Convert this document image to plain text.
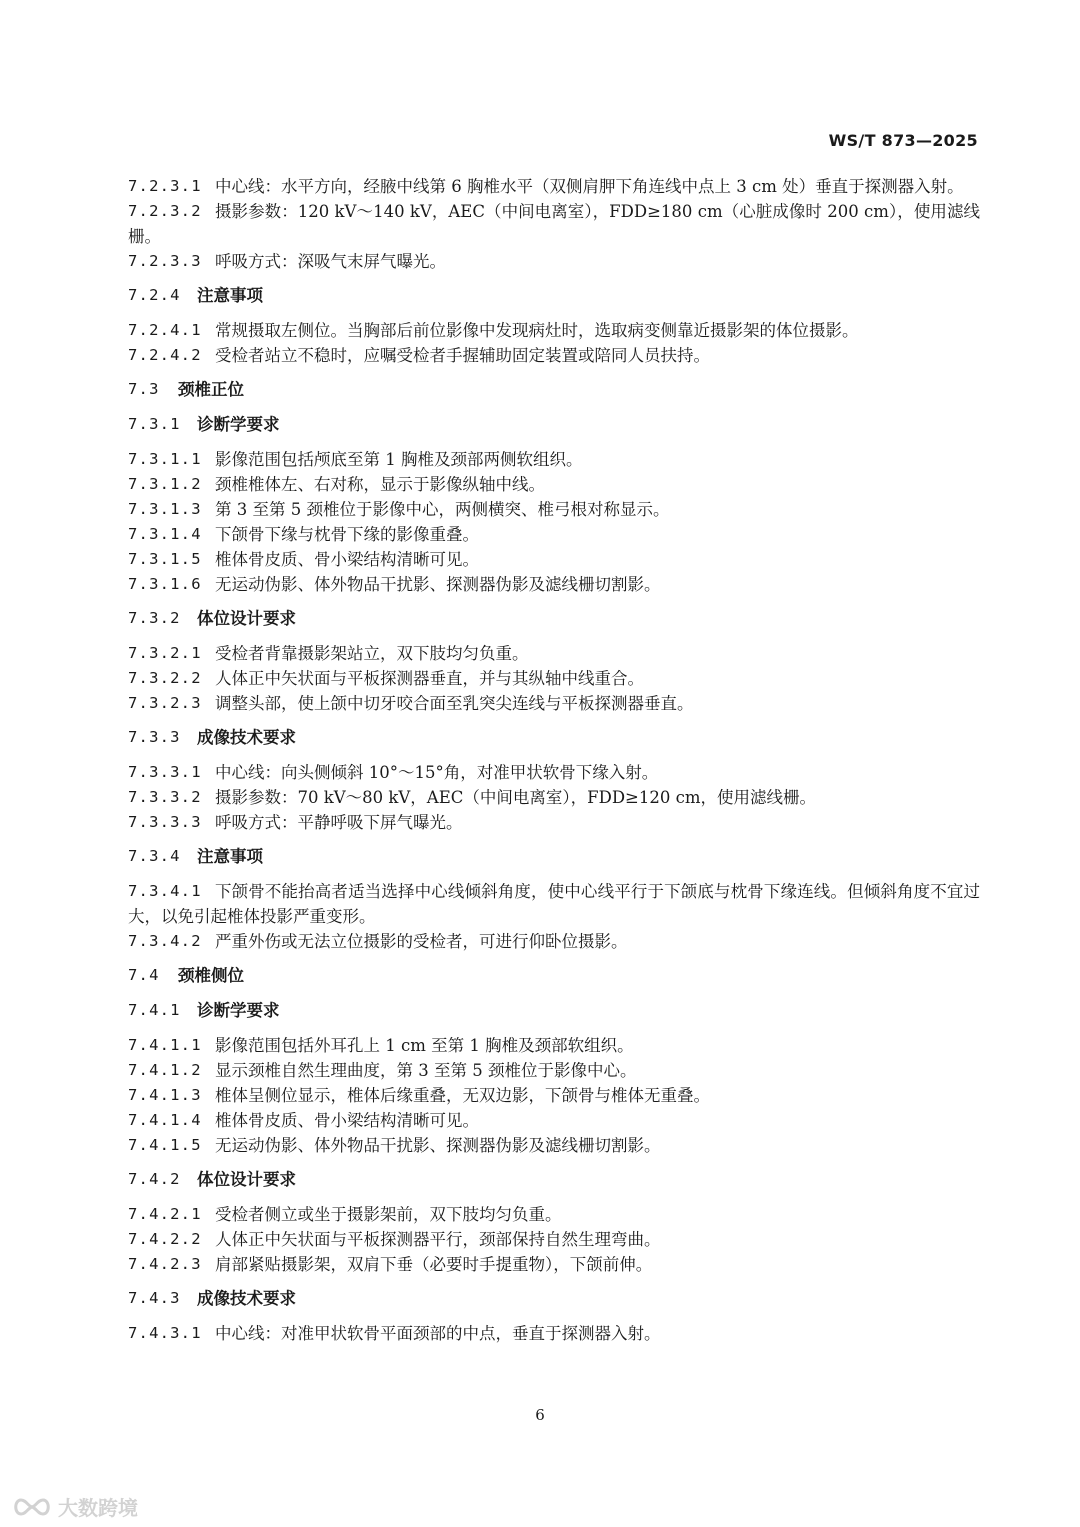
WS/T 873—2025
7.2.3.1 中心线：水平方向，经腋中线第 6 胸椎水平（双侧肩胛下角连线中点上 3 cm 处）垂直于探测器入射。
7.2.3.2 摄影参数：120 kV～140 kV，AEC（中间电离室），FDD≥180 cm（心脏成像时 200 cm），使用滤线栅。
7.2.3.3 呼吸方式：深吸气末屏气曝光。
7.2.4 注意事项
7.2.4.1 常规摄取左侧位。当胸部后前位影像中发现病灶时，选取病变侧靠近摄影架的体位摄影。
7.2.4.2 受检者站立不稳时，应嘱受检者手握辅助固定装置或陪同人员扶持。
7.3	颈椎正位
7.3.1 诊断学要求
7.3.1.1 影像范围包括颅底至第 1 胸椎及颈部两侧软组织。
7.3.1.2 颈椎椎体左、右对称，显示于影像纵轴中线。
7.3.1.3 第 3 至第 5 颈椎位于影像中心，两侧横突、椎弓根对称显示。
7.3.1.4 下颌骨下缘与枕骨下缘的影像重叠。
7.3.1.5 椎体骨皮质、骨小梁结构清晰可见。
7.3.1.6 无运动伪影、体外物品干扰影、探测器伪影及滤线栅切割影。
7.3.2 体位设计要求
7.3.2.1 受检者背靠摄影架站立，双下肢均匀负重。
7.3.2.2 人体正中矢状面与平板探测器垂直，并与其纵轴中线重合。
7.3.2.3 调整头部，使上颌中切牙咬合面至乳突尖连线与平板探测器垂直。
7.3.3 成像技术要求
7.3.3.1 中心线：向头侧倾斜 10°～15°角，对准甲状软骨下缘入射。
7.3.3.2 摄影参数：70 kV～80 kV，AEC（中间电离室），FDD≥120 cm，使用滤线栅。
7.3.3.3 呼吸方式：平静呼吸下屏气曝光。
7.3.4 注意事项
7.3.4.1 下颌骨不能抬高者适当选择中心线倾斜角度，使中心线平行于下颌底与枕骨下缘连线。但倾斜角度不宜过大，以免引起椎体投影严重变形。
7.3.4.2 严重外伤或无法立位摄影的受检者，可进行仰卧位摄影。
7.4	颈椎侧位
7.4.1 诊断学要求
7.4.1.1 影像范围包括外耳孔上 1 cm 至第 1 胸椎及颈部软组织。
7.4.1.2 显示颈椎自然生理曲度，第 3 至第 5 颈椎位于影像中心。
7.4.1.3 椎体呈侧位显示，椎体后缘重叠，无双边影，下颌骨与椎体无重叠。
7.4.1.4 椎体骨皮质、骨小梁结构清晰可见。
7.4.1.5 无运动伪影、体外物品干扰影、探测器伪影及滤线栅切割影。
7.4.2 体位设计要求
7.4.2.1 受检者侧立或坐于摄影架前，双下肢均匀负重。
7.4.2.2 人体正中矢状面与平板探测器平行，颈部保持自然生理弯曲。
7.4.2.3 肩部紧贴摄影架，双肩下垂（必要时手提重物），下颌前伸。
7.4.3 成像技术要求
7.4.3.1 中心线：对准甲状软骨平面颈部的中点，垂直于探测器入射。
6
大数跨境
